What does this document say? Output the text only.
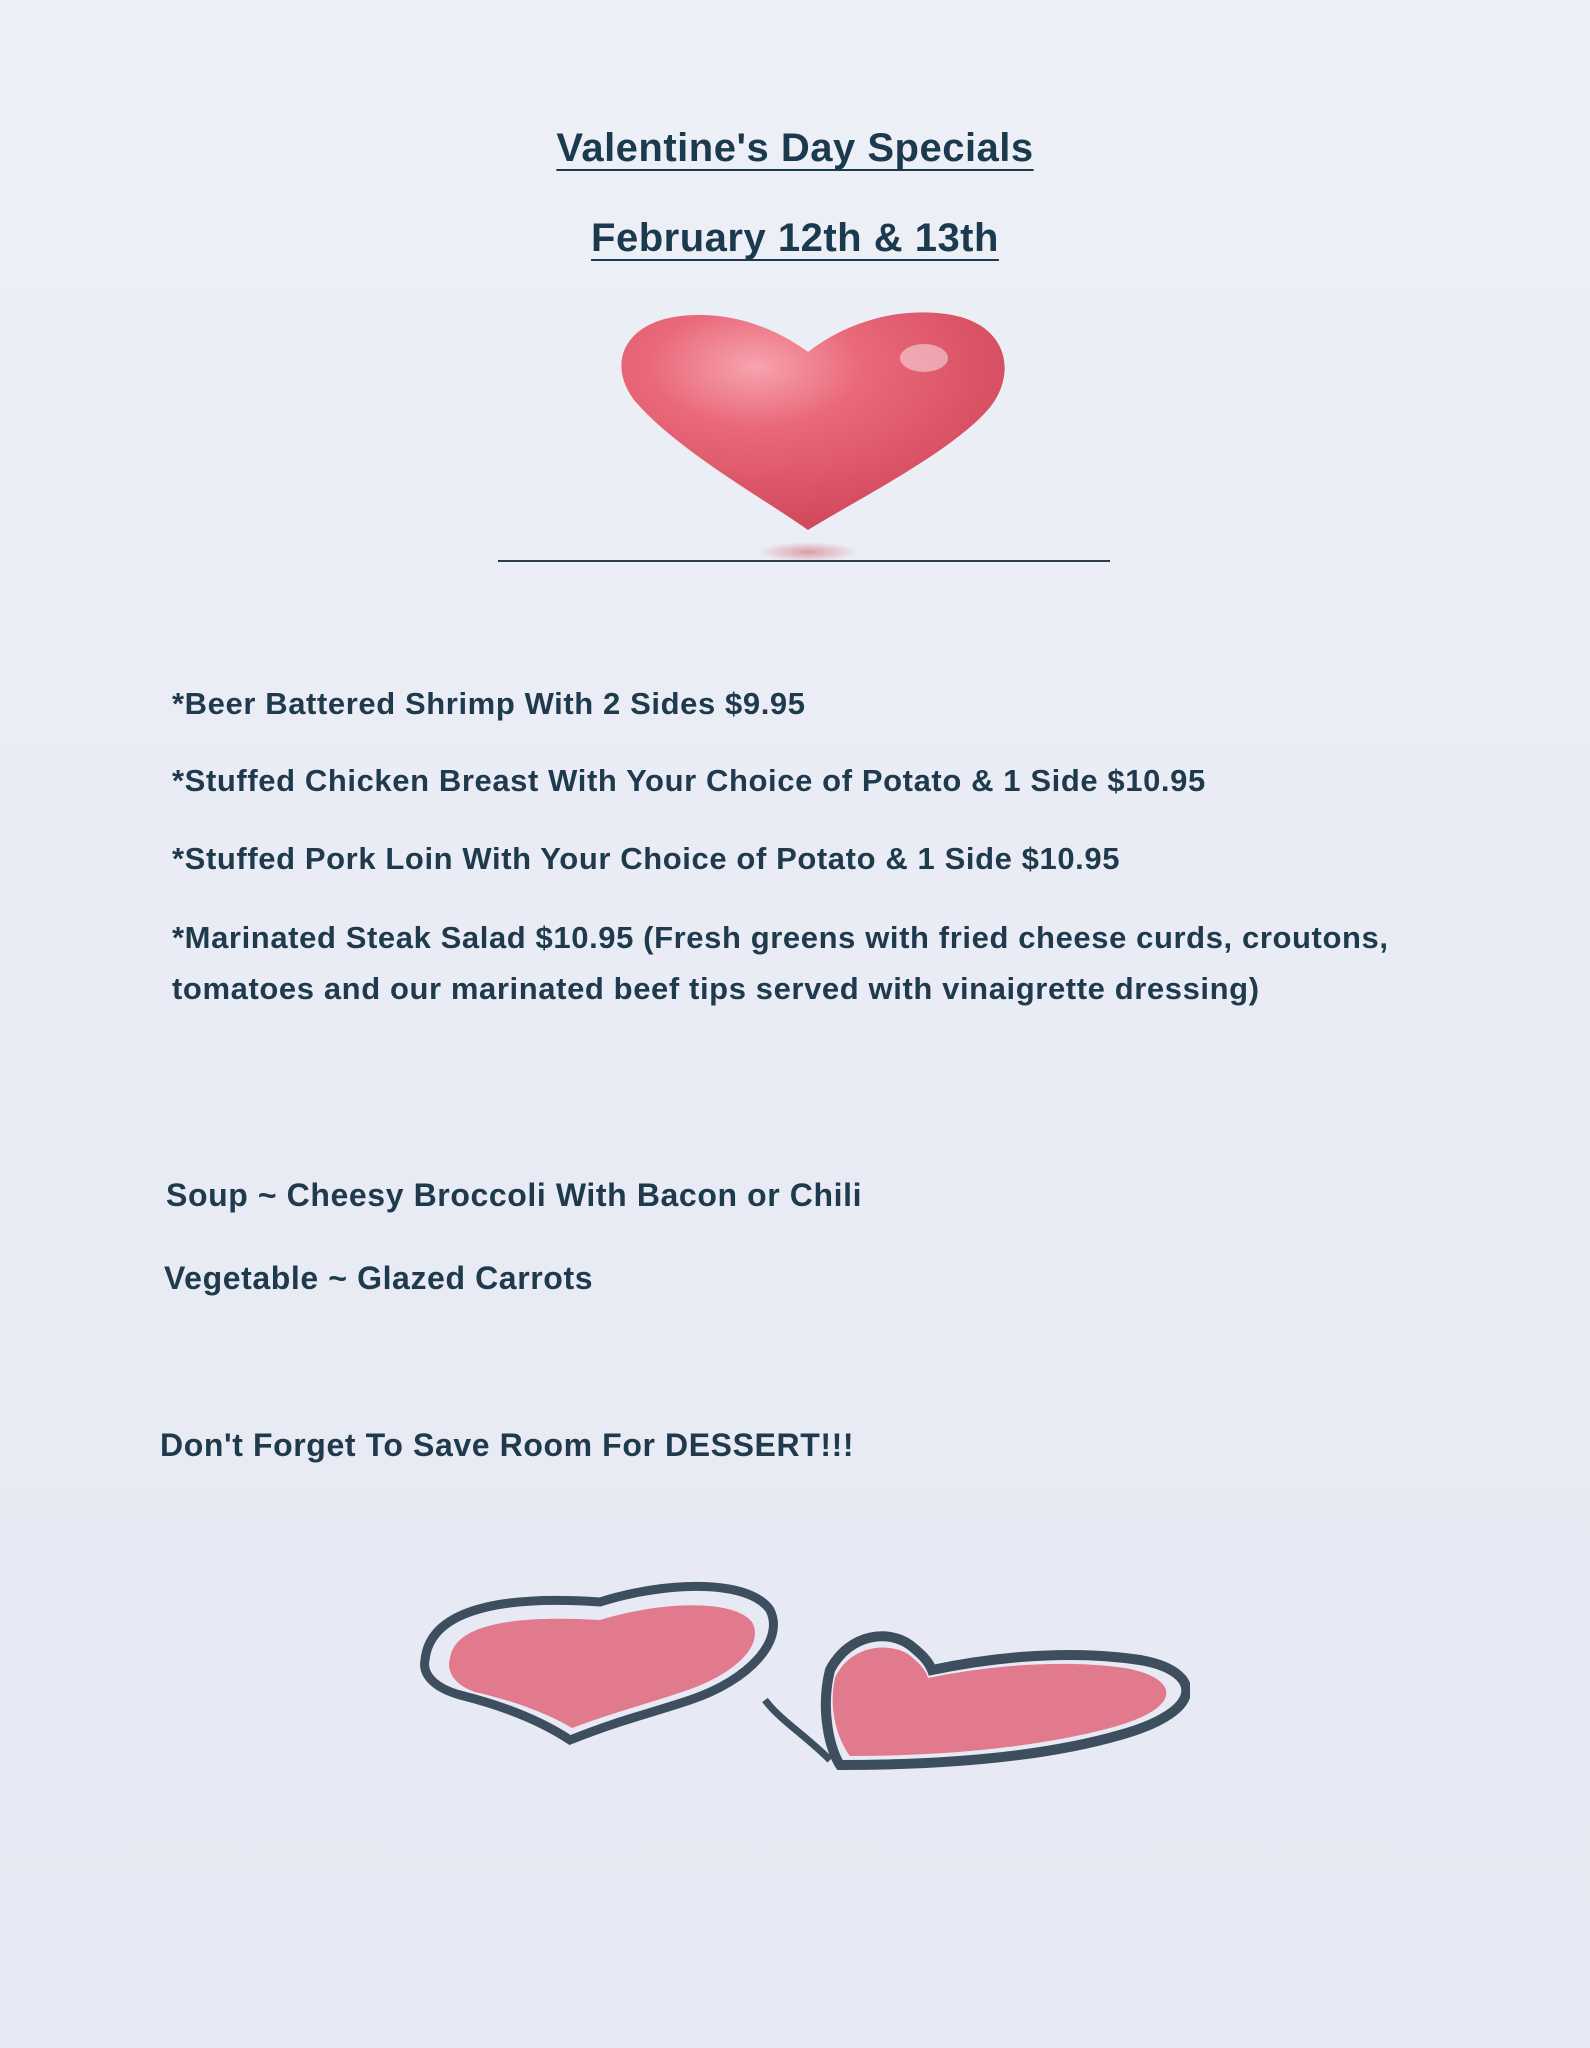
Valentine's Day Specials
February 12th & 13th
*Beer Battered Shrimp With 2 Sides $9.95
*Stuffed Chicken Breast With Your Choice of Potato & 1 Side $10.95
*Stuffed Pork Loin With Your Choice of Potato & 1 Side $10.95
*Marinated Steak Salad $10.95 (Fresh greens with fried cheese curds, croutons, tomatoes and our marinated beef tips served with vinaigrette dressing)
Soup ~ Cheesy Broccoli With Bacon or Chili
Vegetable ~ Glazed Carrots
Don't Forget To Save Room For DESSERT!!!
